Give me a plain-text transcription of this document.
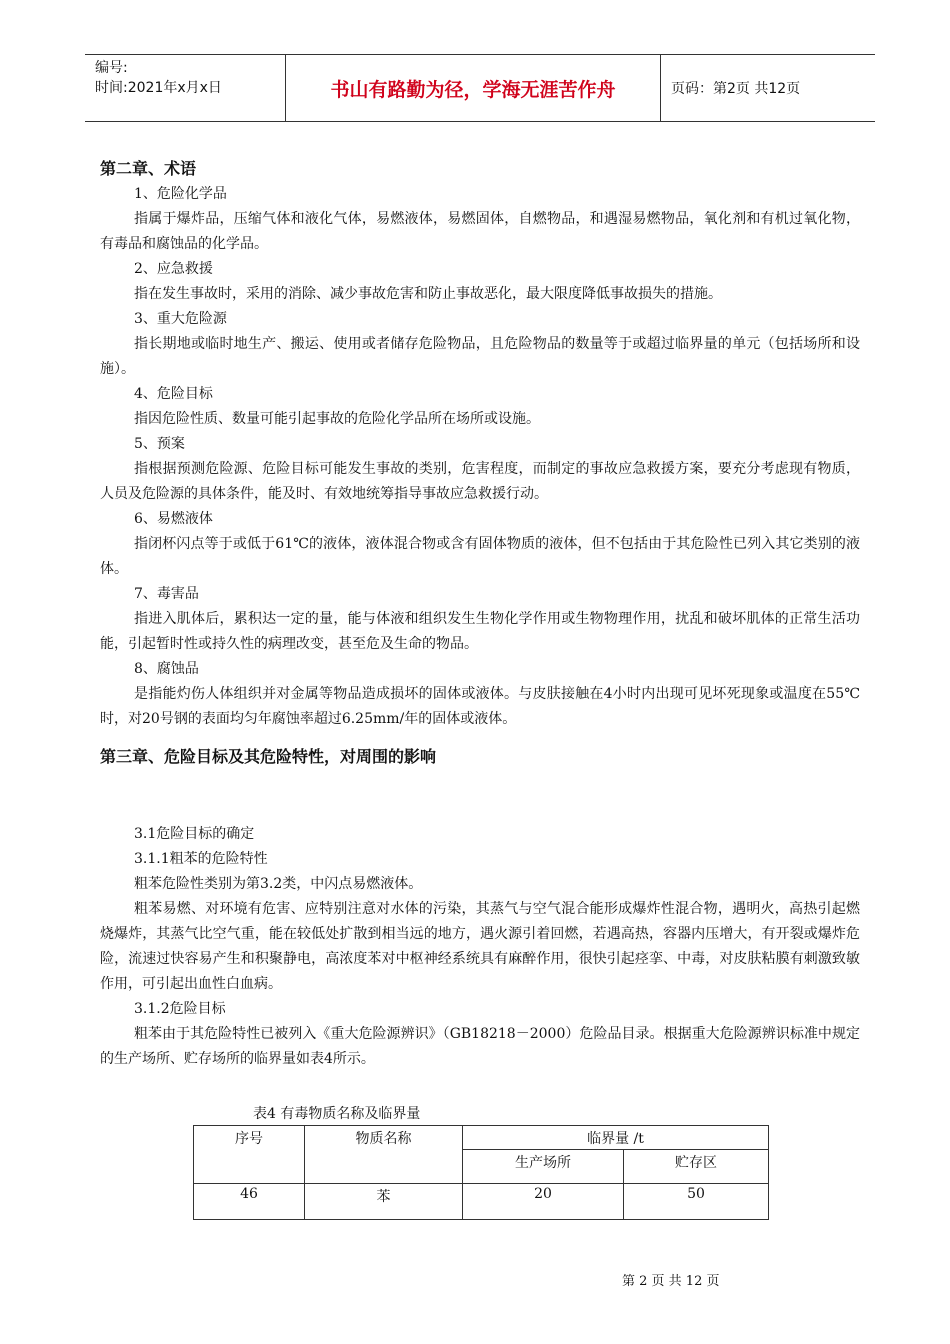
编号:
时间:2021年x月x日	书山有路勤为径，学海无涯苦作舟	页码：第2页 共12页

第二章、术语

1、危险化学品

指属于爆炸品，压缩气体和液化气体，易燃液体，易燃固体，自燃物品，和遇湿易燃物品，氧化剂和有机过氧化物，有毒品和腐蚀品的化学品。

2、应急救援

指在发生事故时，采用的消除、减少事故危害和防止事故恶化，最大限度降低事故损失的措施。

3、重大危险源

指长期地或临时地生产、搬运、使用或者储存危险物品，且危险物品的数量等于或超过临界量的单元（包括场所和设施）。

4、危险目标

指因危险性质、数量可能引起事故的危险化学品所在场所或设施。

5、预案

指根据预测危险源、危险目标可能发生事故的类别，危害程度，而制定的事故应急救援方案，要充分考虑现有物质，人员及危险源的具体条件，能及时、有效地统筹指导事故应急救援行动。

6、易燃液体

指闭杯闪点等于或低于61℃的液体，液体混合物或含有固体物质的液体，但不包括由于其危险性已列入其它类别的液体。

7、毒害品

指进入肌体后，累积达一定的量，能与体液和组织发生生物化学作用或生物物理作用，扰乱和破坏肌体的正常生活功能，引起暂时性或持久性的病理改变，甚至危及生命的物品。

8、腐蚀品

是指能灼伤人体组织并对金属等物品造成损坏的固体或液体。与皮肤接触在4小时内出现可见坏死现象或温度在55℃时，对20号钢的表面均匀年腐蚀率超过6.25mm/年的固体或液体。

第三章、危险目标及其危险特性，对周围的影响

3.1危险目标的确定

3.1.1粗苯的危险特性

粗苯危险性类别为第3.2类，中闪点易燃液体。

粗苯易燃、对环境有危害、应特别注意对水体的污染，其蒸气与空气混合能形成爆炸性混合物，遇明火，高热引起燃烧爆炸，其蒸气比空气重，能在较低处扩散到相当远的地方，遇火源引着回燃，若遇高热，容器内压增大，有开裂或爆炸危险，流速过快容易产生和积聚静电，高浓度苯对中枢神经系统具有麻醉作用，很快引起痉挛、中毒，对皮肤粘膜有刺激致敏作用，可引起出血性白血病。

3.1.2危险目标

粗苯由于其危险特性已被列入《重大危险源辨识》（GB18218－2000）危险品目录。根据重大危险源辨识标准中规定的生产场所、贮存场所的临界量如表4所示。

表4 有毒物质名称及临界量
序号	物质名称	临界量 /t	
		生产场所	贮存区
46	苯	20	50
第 2 页 共 12 页
